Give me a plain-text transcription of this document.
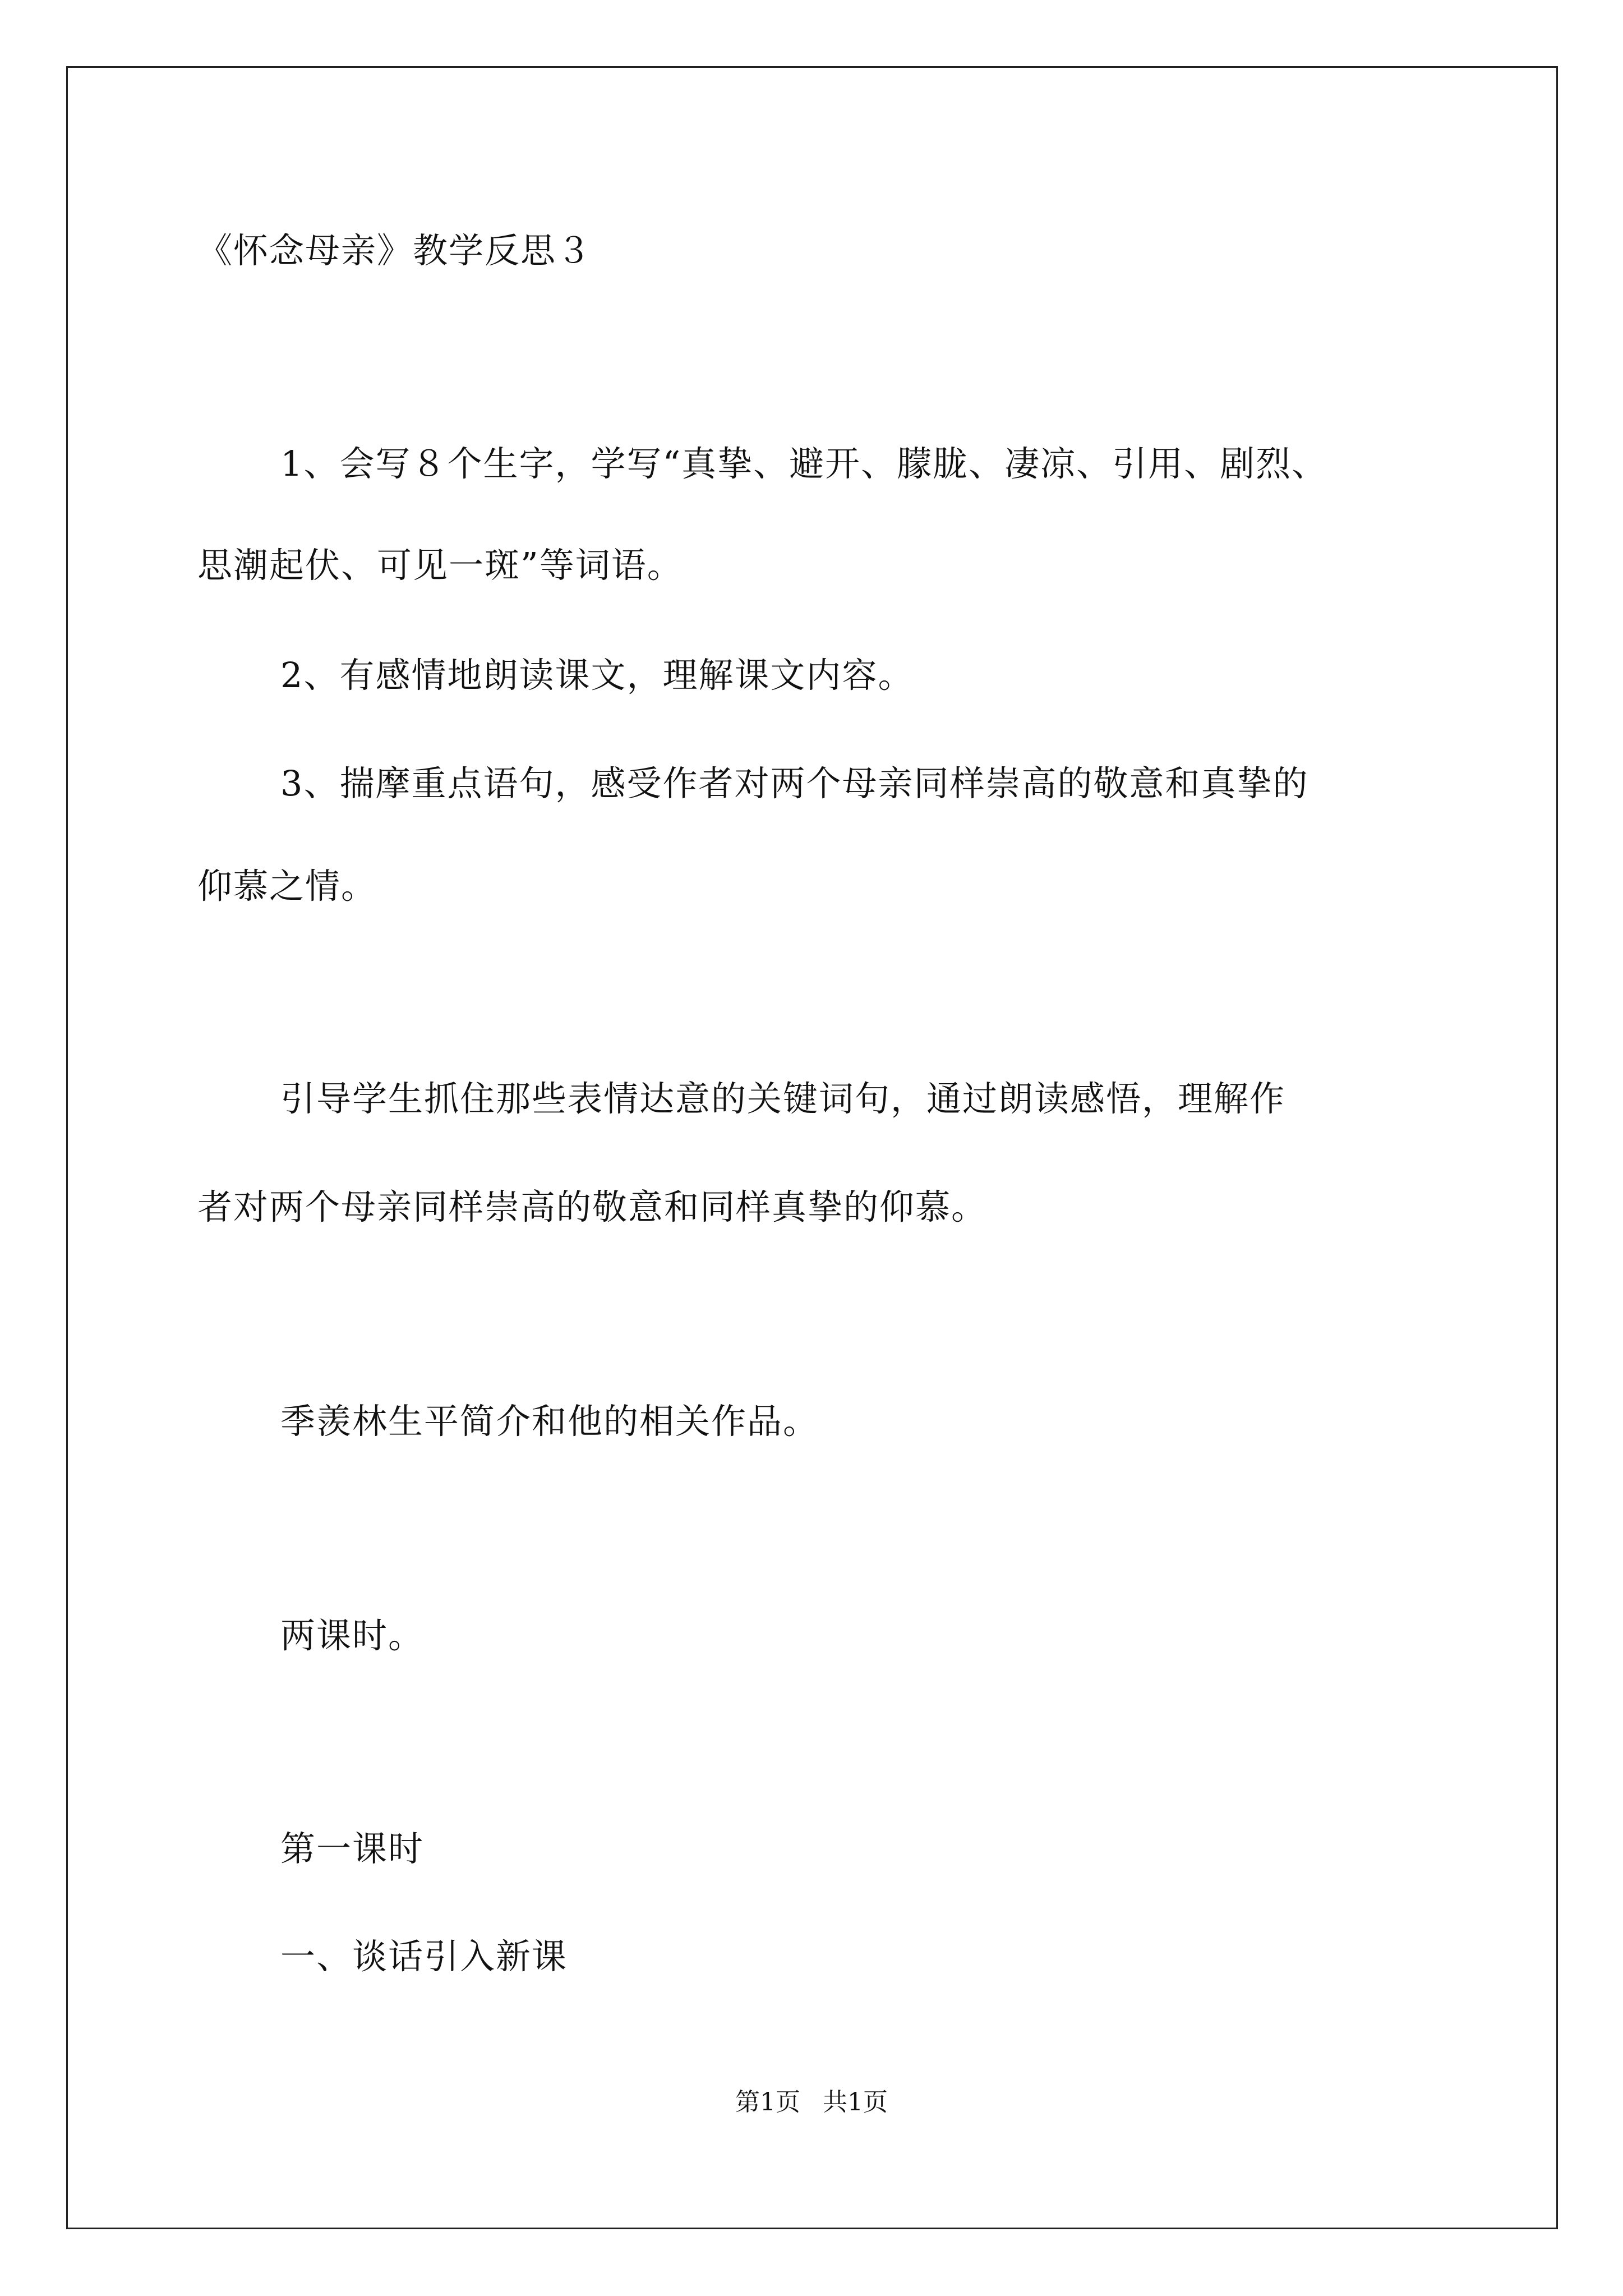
《怀念母亲》教学反思３
1、会写８个生字，学写“真挚、避开、朦胧、凄凉、引用、剧烈、
思潮起伏、可见一斑”等词语。
2、有感情地朗读课文，理解课文内容。
3、揣摩重点语句，感受作者对两个母亲同样崇高的敬意和真挚的
仰慕之情。
引导学生抓住那些表情达意的关键词句，通过朗读感悟，理解作
者对两个母亲同样崇高的敬意和同样真挚的仰慕。
季羡林生平简介和他的相关作品。
两课时。
第一课时
一、谈话引入新课
第1页 共1页
